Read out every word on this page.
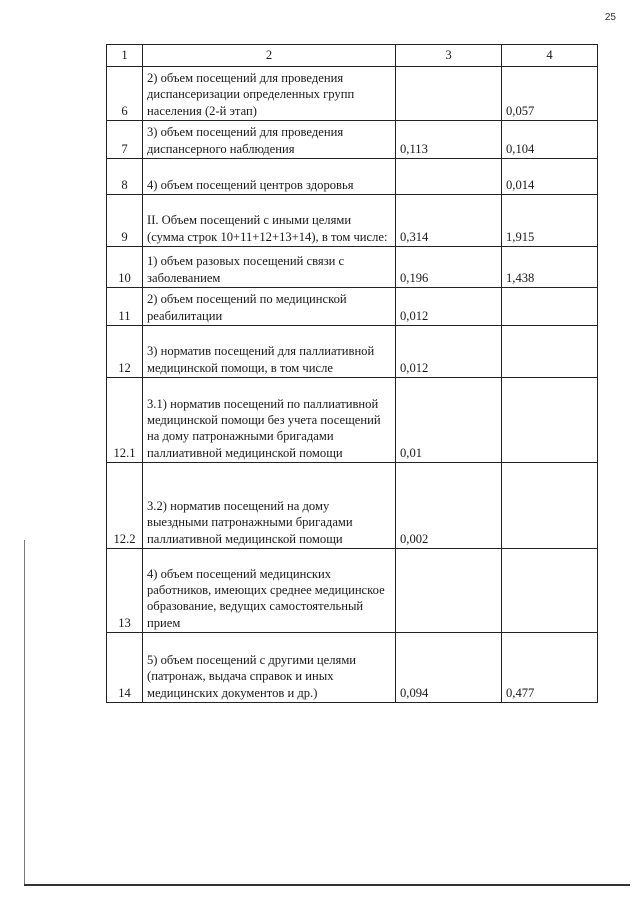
25
1	2	3	4
6	2) объем посещений для проведения диспансеризации определенных групп населения (2-й этап)		0,057
7	3) объем посещений для проведения диспансерного наблюдения	0,113	0,104
8	4) объем посещений центров здоровья		0,014
9	II. Объем посещений с иными целями (сумма строк 10+11+12+13+14), в том числе:	0,314	1,915
10	1) объем разовых посещений связи с заболеванием	0,196	1,438
11	2) объем посещений по медицинской реабилитации	0,012	
12	3) норматив посещений для паллиативной медицинской помощи, в том числе	0,012	
12.1	3.1) норматив посещений по паллиативной медицинской помощи без учета посещений на дому патронажными бригадами паллиативной медицинской помощи	0,01	
12.2	3.2) норматив посещений на дому выездными патронажными бригадами паллиативной медицинской помощи	0,002	
13	4) объем посещений медицинских работников, имеющих среднее медицинское образование, ведущих самостоятельный прием		
14	5) объем посещений с другими целями (патронаж, выдача справок и иных медицинских документов и др.)	0,094	0,477
